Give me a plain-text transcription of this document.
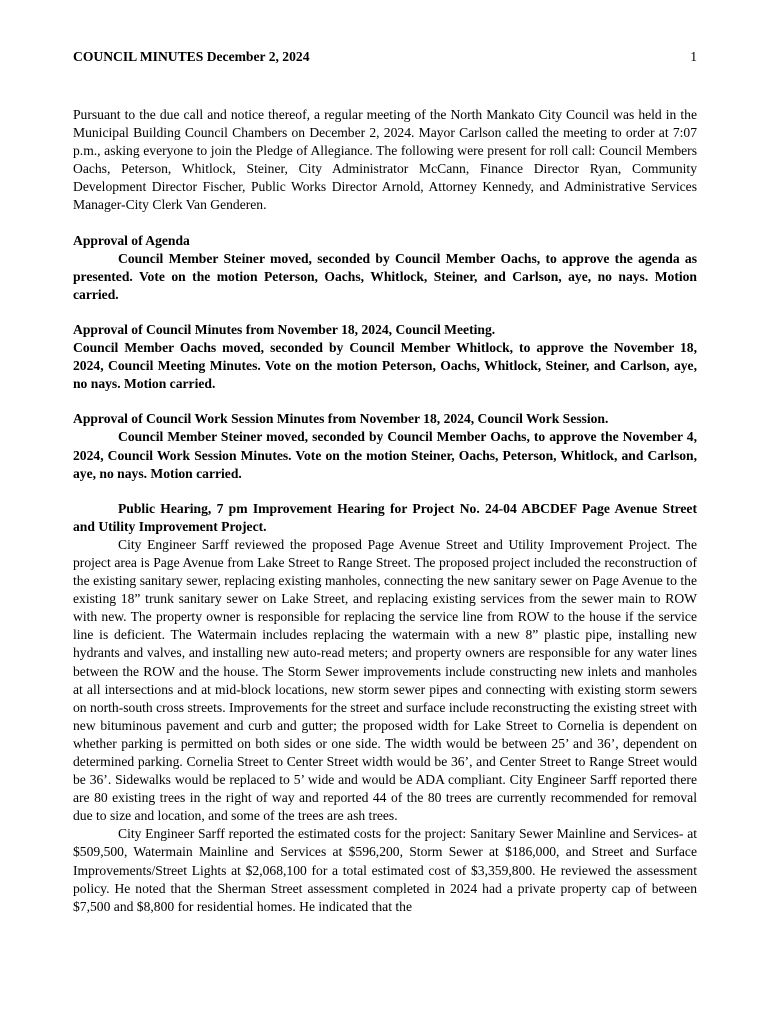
COUNCIL MINUTES December 2, 2024	1

Pursuant to the due call and notice thereof, a regular meeting of the North Mankato City Council was held in the Municipal Building Council Chambers on December 2, 2024. Mayor Carlson called the meeting to order at 7:07 p.m., asking everyone to join the Pledge of Allegiance. The following were present for roll call: Council Members Oachs, Peterson, Whitlock, Steiner, City Administrator McCann, Finance Director Ryan, Community Development Director Fischer, Public Works Director Arnold, Attorney Kennedy, and Administrative Services Manager-City Clerk Van Genderen.

Approval of Agenda

Council Member Steiner moved, seconded by Council Member Oachs, to approve the agenda as presented. Vote on the motion Peterson, Oachs, Whitlock, Steiner, and Carlson, aye, no nays. Motion carried.

Approval of Council Minutes from November 18, 2024, Council Meeting.

Council Member Oachs moved, seconded by Council Member Whitlock, to approve the November 18, 2024, Council Meeting Minutes. Vote on the motion Peterson, Oachs, Whitlock, Steiner, and Carlson, aye, no nays. Motion carried.

Approval of Council Work Session Minutes from November 18, 2024, Council Work Session.

Council Member Steiner moved, seconded by Council Member Oachs, to approve the November 4, 2024, Council Work Session Minutes. Vote on the motion Steiner, Oachs, Peterson, Whitlock, and Carlson, aye, no nays. Motion carried.

Public Hearing, 7 pm Improvement Hearing for Project No. 24-04 ABCDEF Page Avenue Street and Utility Improvement Project.

City Engineer Sarff reviewed the proposed Page Avenue Street and Utility Improvement Project. The project area is Page Avenue from Lake Street to Range Street. The proposed project included the reconstruction of the existing sanitary sewer, replacing existing manholes, connecting the new sanitary sewer on Page Avenue to the existing 18” trunk sanitary sewer on Lake Street, and replacing existing services from the sewer main to ROW with new. The property owner is responsible for replacing the service line from ROW to the house if the service line is deficient. The Watermain includes replacing the watermain with a new 8” plastic pipe, installing new hydrants and valves, and installing new auto-read meters; and property owners are responsible for any water lines between the ROW and the house. The Storm Sewer improvements include constructing new inlets and manholes at all intersections and at mid-block locations, new storm sewer pipes and connecting with existing storm sewers on north-south cross streets. Improvements for the street and surface include reconstructing the existing street with new bituminous pavement and curb and gutter; the proposed width for Lake Street to Cornelia is dependent on whether parking is permitted on both sides or one side. The width would be between 25’ and 36’, dependent on determined parking. Cornelia Street to Center Street width would be 36’, and Center Street to Range Street would be 36’. Sidewalks would be replaced to 5’ wide and would be ADA compliant. City Engineer Sarff reported there are 80 existing trees in the right of way and reported 44 of the 80 trees are currently recommended for removal due to size and location, and some of the trees are ash trees.

City Engineer Sarff reported the estimated costs for the project: Sanitary Sewer Mainline and Services- at $509,500, Watermain Mainline and Services at $596,200, Storm Sewer at $186,000, and Street and Surface Improvements/Street Lights at $2,068,100 for a total estimated cost of $3,359,800. He reviewed the assessment policy. He noted that the Sherman Street assessment completed in 2024 had a private property cap of between $7,500 and $8,800 for residential homes. He indicated that the
